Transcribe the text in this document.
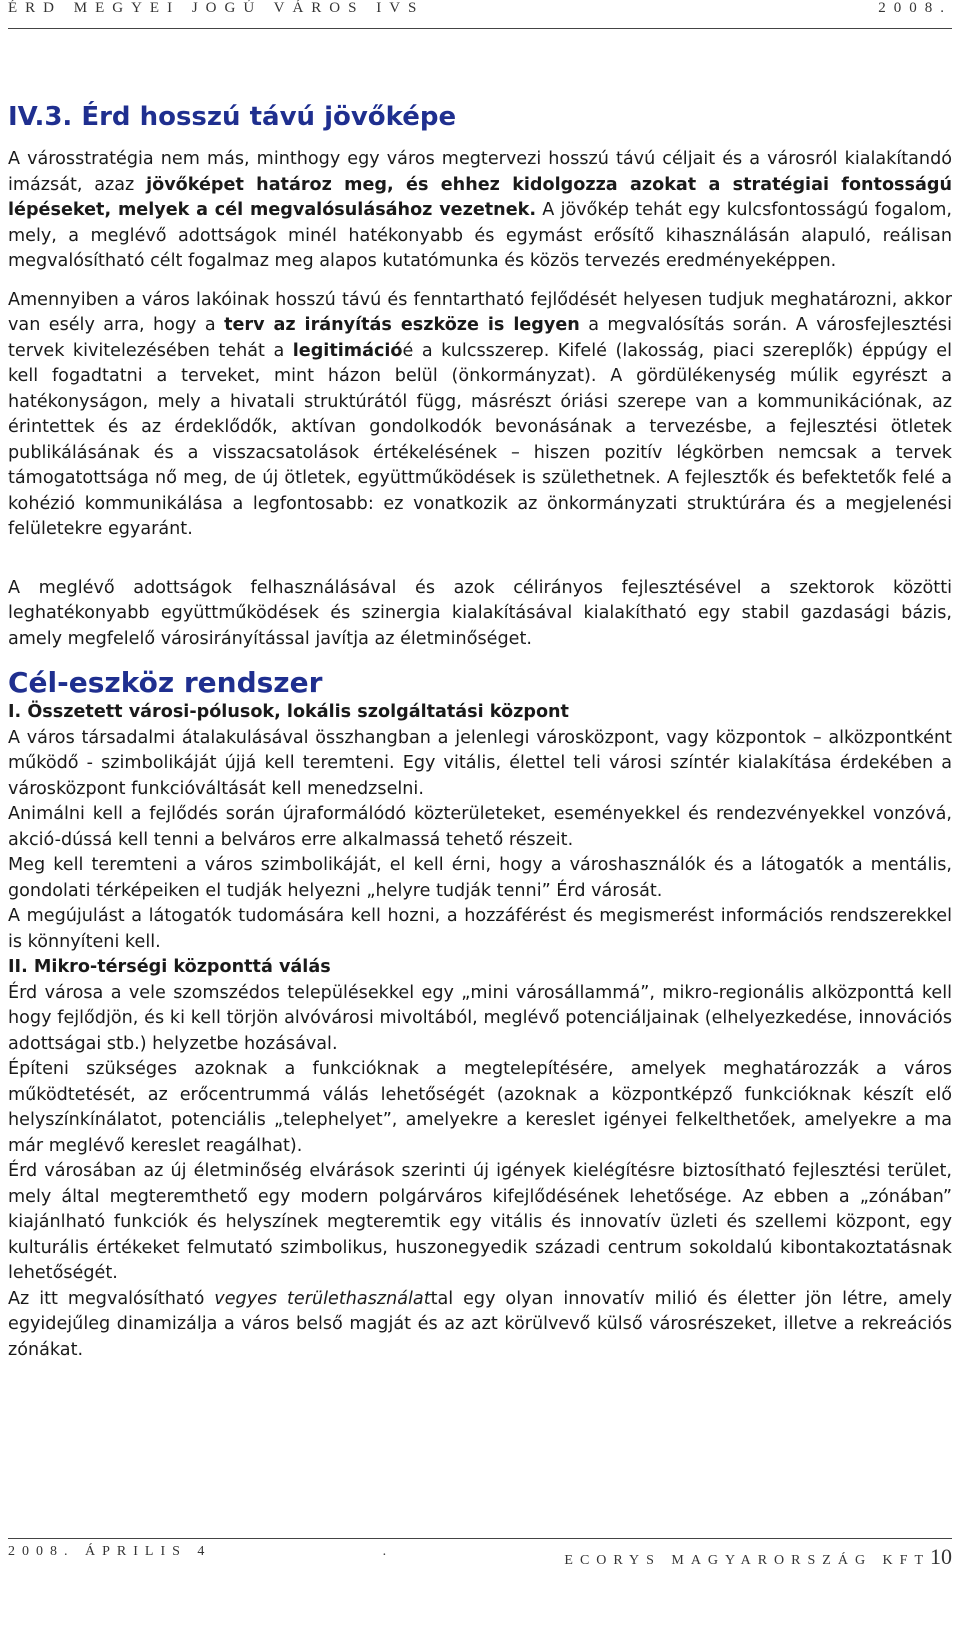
ÉRD MEGYEI JOGÚ VÁROS IVS	2008.
IV.3. Érd hosszú távú jövőképe

A városstratégia nem más, minthogy egy város megtervezi hosszú távú céljait és a városról kialakítandó imázsát, azaz jövőképet határoz meg, és ehhez kidolgozza azokat a stratégiai fontosságú lépéseket, melyek a cél megvalósulásához vezetnek. A jövőkép tehát egy kulcsfontosságú fogalom, mely, a meglévő adottságok minél hatékonyabb és egymást erősítő kihasználásán alapuló, reálisan megvalósítható célt fogalmaz meg alapos kutatómunka és közös tervezés eredményeképpen.

Amennyiben a város lakóinak hosszú távú és fenntartható fejlődését helyesen tudjuk meghatározni, akkor van esély arra, hogy a terv az irányítás eszköze is legyen a megvalósítás során. A városfejlesztési tervek kivitelezésében tehát a legitimációé a kulcsszerep. Kifelé (lakosság, piaci szereplők) éppúgy el kell fogadtatni a terveket, mint házon belül (önkormányzat). A gördülékenység múlik egyrészt a hatékonyságon, mely a hivatali struktúrától függ, másrészt óriási szerepe van a kommunikációnak, az érintettek és az érdeklődők, aktívan gondolkodók bevonásának a tervezésbe, a fejlesztési ötletek publikálásának és a visszacsatolások értékelésének – hiszen pozitív légkörben nemcsak a tervek támogatottsága nő meg, de új ötletek, együttműködések is születhetnek. A fejlesztők és befektetők felé a kohézió kommunikálása a legfontosabb: ez vonatkozik az önkormányzati struktúrára és a megjelenési felületekre egyaránt.

A meglévő adottságok felhasználásával és azok célirányos fejlesztésével a szektorok közötti leghatékonyabb együttműködések és szinergia kialakításával kialakítható egy stabil gazdasági bázis, amely megfelelő városirányítással javítja az életminőséget.

Cél-eszköz rendszer
I. Összetett városi-pólusok, lokális szolgáltatási központ

A város társadalmi átalakulásával összhangban a jelenlegi városközpont, vagy központok – alközpontként működő - szimbolikáját újjá kell teremteni. Egy vitális, élettel teli városi színtér kialakítása érdekében a városközpont funkcióváltását kell menedzselni.

Animálni kell a fejlődés során újraformálódó közterületeket, eseményekkel és rendezvényekkel vonzóvá, akció-dússá kell tenni a belváros erre alkalmassá tehető részeit.

Meg kell teremteni a város szimbolikáját, el kell érni, hogy a városhasználók és a látogatók a mentális, gondolati térképeiken el tudják helyezni „helyre tudják tenni” Érd városát.

A megújulást a látogatók tudomására kell hozni, a hozzáférést és megismerést információs rendszerekkel is könnyíteni kell.

II. Mikro-térségi központtá válás

Érd városa a vele szomszédos településekkel egy „mini városállammá”, mikro-regionális alközponttá kell hogy fejlődjön, és ki kell törjön alvóvárosi mivoltából, meglévő potenciáljainak (elhelyezkedése, innovációs adottságai stb.) helyzetbe hozásával.

Építeni szükséges azoknak a funkcióknak a megtelepítésére, amelyek meghatározzák a város működtetését, az erőcentrummá válás lehetőségét (azoknak a központképző funkcióknak készít elő helyszínkínálatot, potenciális „telephelyet”, amelyekre a kereslet igényei felkelthetőek, amelyekre a ma már meglévő kereslet reagálhat).

Érd városában az új életminőség elvárások szerinti új igények kielégítésre biztosítható fejlesztési terület, mely által megteremthető egy modern polgárváros kifejlődésének lehetősége. Az ebben a „zónában” kiajánlható funkciók és helyszínek megteremtik egy vitális és innovatív üzleti és szellemi központ, egy kulturális értékeket felmutató szimbolikus, huszonegyedik századi centrum sokoldalú kibontakoztatásnak lehetőségét.

Az itt megvalósítható vegyes területhasználattal egy olyan innovatív milió és életter jön létre, amely egyidejűleg dinamizálja a város belső magját és az azt körülvevő külső városrészeket, illetve a rekreációs zónákat.

2008. ÁPRILIS 4	.
ECORYS MAGYARORSZÁG KFT10
